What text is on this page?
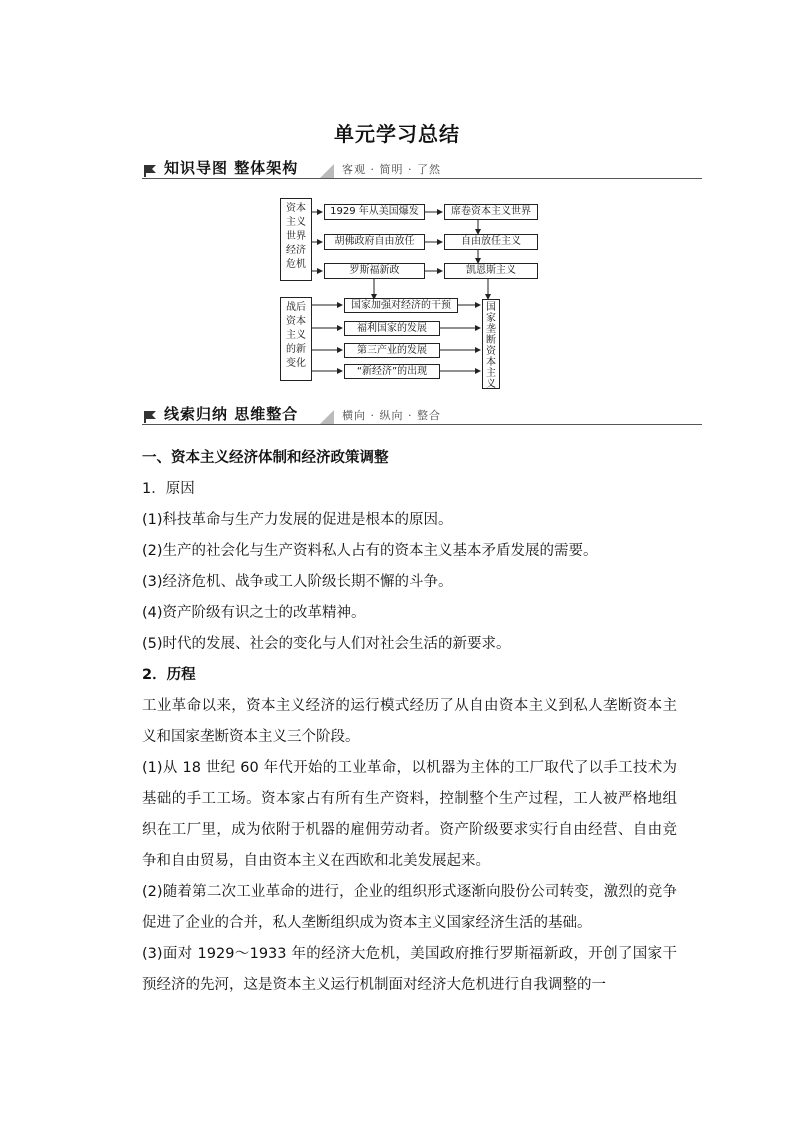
单元学习总结
知识导图 整体架构	客观 · 简明 · 了然
资本主义世界经济危机
战后资本主义的新变化
1929 年从美国爆发	席卷资本主义世界
胡佛政府自由放任	自由放任主义
罗斯福新政	凯恩斯主义
国家加强对经济的干预
福利国家的发展
第三产业的发展
“新经济”的出现
国家垄断资本主义
线索归纳 思维整合	横向 · 纵向 · 整合
一、资本主义经济体制和经济政策调整
1．原因
(1)科技革命与生产力发展的促进是根本的原因。
(2)生产的社会化与生产资料私人占有的资本主义基本矛盾发展的需要。
(3)经济危机、战争或工人阶级长期不懈的斗争。
(4)资产阶级有识之士的改革精神。
(5)时代的发展、社会的变化与人们对社会生活的新要求。
2．历程
工业革命以来，资本主义经济的运行模式经历了从自由资本主义到私人垄断资本主义和国家垄断资本主义三个阶段。
(1)从 18 世纪 60 年代开始的工业革命，以机器为主体的工厂取代了以手工技术为基础的手工工场。资本家占有所有生产资料，控制整个生产过程，工人被严格地组织在工厂里，成为依附于机器的雇佣劳动者。资产阶级要求实行自由经营、自由竞争和自由贸易，自由资本主义在西欧和北美发展起来。
(2)随着第二次工业革命的进行，企业的组织形式逐渐向股份公司转变，激烈的竞争促进了企业的合并，私人垄断组织成为资本主义国家经济生活的基础。
(3)面对 1929～1933 年的经济大危机，美国政府推行罗斯福新政，开创了国家干预经济的先河，这是资本主义运行机制面对经济大危机进行自我调整的一
